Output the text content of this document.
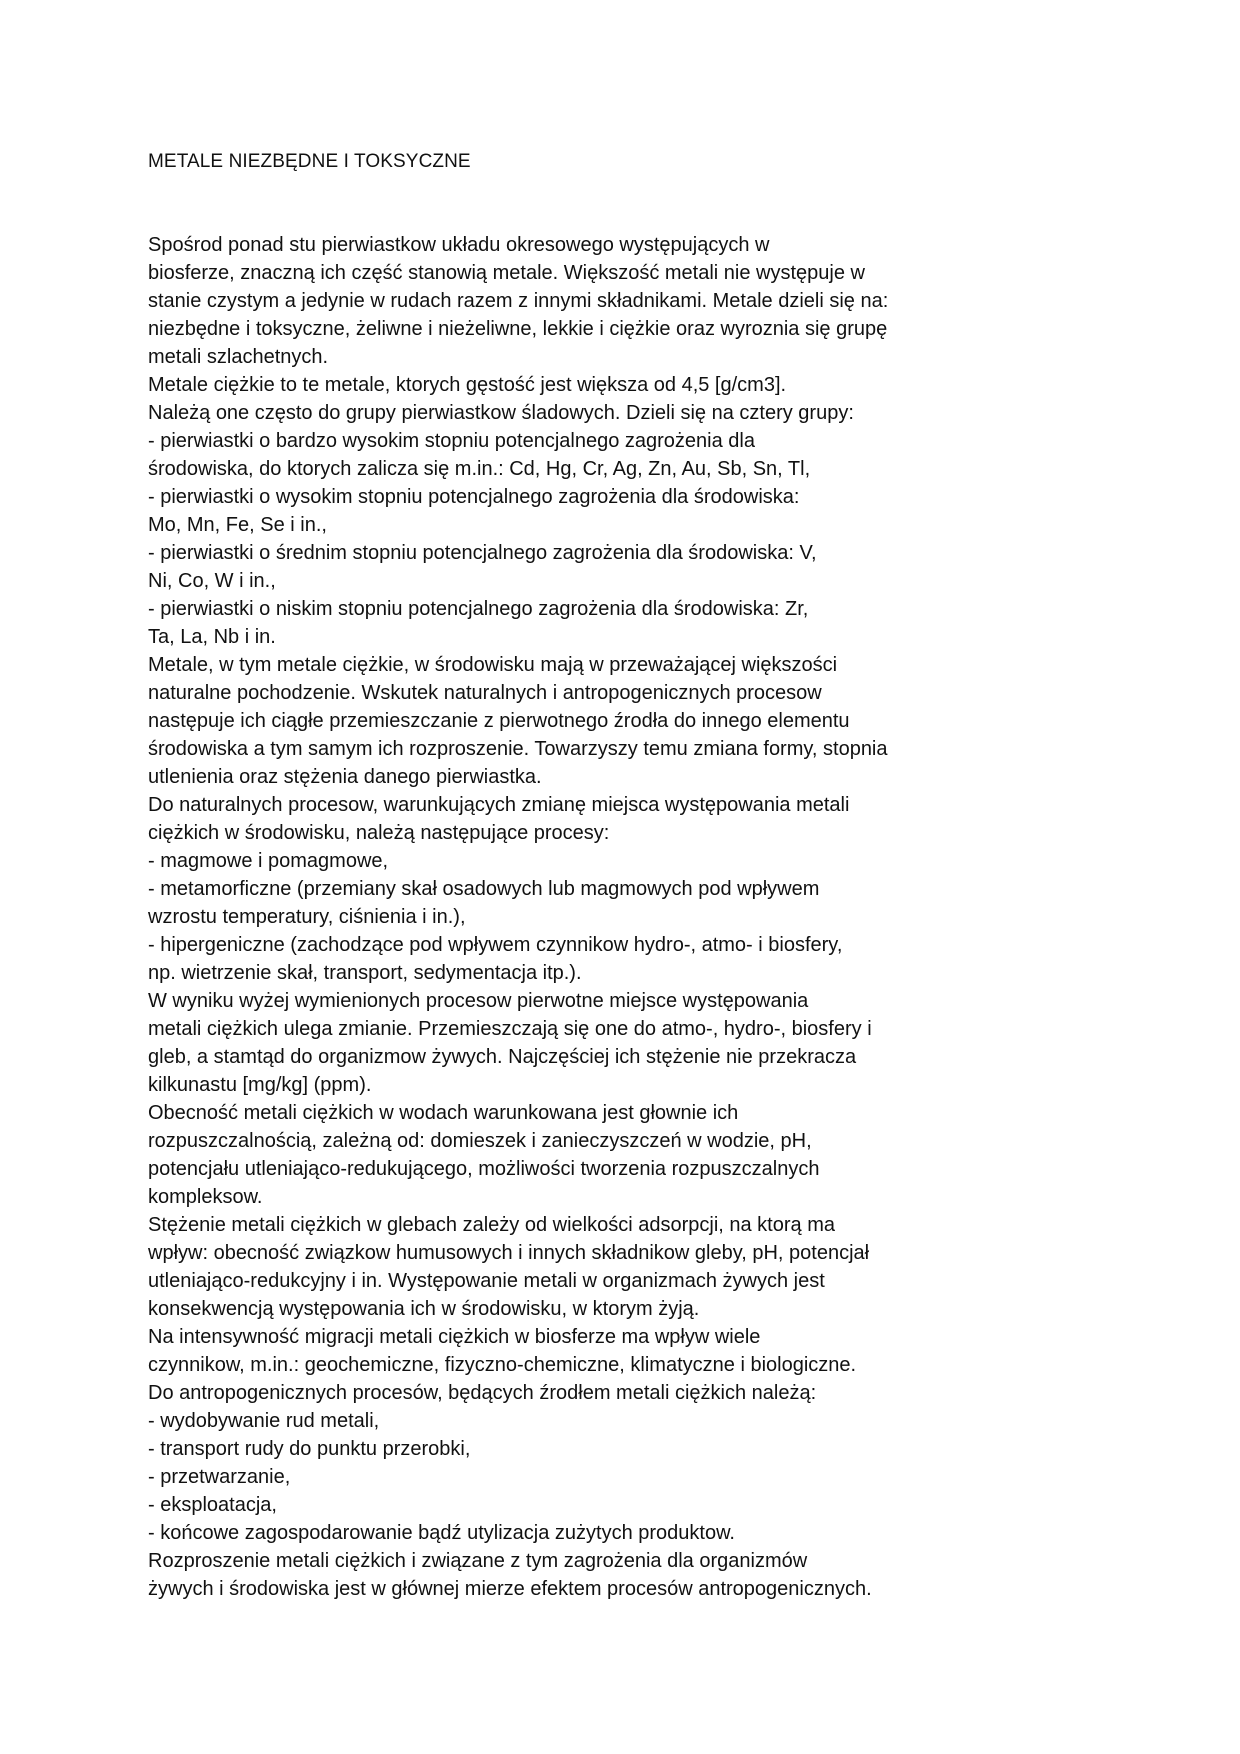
METALE NIEZBĘDNE I TOKSYCZNE
Spośrod ponad stu pierwiastkow układu okresowego występujących w
biosferze, znaczną ich część stanowią metale. Większość metali nie występuje w
stanie czystym a jedynie w rudach razem z innymi składnikami. Metale dzieli się na:
niezbędne i toksyczne, żeliwne i nieżeliwne, lekkie i ciężkie oraz wyroznia się grupę
metali szlachetnych.
Metale ciężkie to te metale, ktorych gęstość jest większa od 4,5 [g/cm3].
Należą one często do grupy pierwiastkow śladowych. Dzieli się na cztery grupy:
- pierwiastki o bardzo wysokim stopniu potencjalnego zagrożenia dla
środowiska, do ktorych zalicza się m.in.: Cd, Hg, Cr, Ag, Zn, Au, Sb, Sn, Tl,
- pierwiastki o wysokim stopniu potencjalnego zagrożenia dla środowiska:
Mo, Mn, Fe, Se i in.,
- pierwiastki o średnim stopniu potencjalnego zagrożenia dla środowiska: V,
Ni, Co, W i in.,
- pierwiastki o niskim stopniu potencjalnego zagrożenia dla środowiska: Zr,
Ta, La, Nb i in.
Metale, w tym metale ciężkie, w środowisku mają w przeważającej większości
naturalne pochodzenie. Wskutek naturalnych i antropogenicznych procesow
następuje ich ciągłe przemieszczanie z pierwotnego źrodła do innego elementu
środowiska a tym samym ich rozproszenie. Towarzyszy temu zmiana formy, stopnia
utlenienia oraz stężenia danego pierwiastka.
Do naturalnych procesow, warunkujących zmianę miejsca występowania metali
ciężkich w środowisku, należą następujące procesy:
- magmowe i pomagmowe,
- metamorficzne (przemiany skał osadowych lub magmowych pod wpływem
wzrostu temperatury, ciśnienia i in.),
- hipergeniczne (zachodzące pod wpływem czynnikow hydro-, atmo- i biosfery,
np. wietrzenie skał, transport, sedymentacja itp.).
W wyniku wyżej wymienionych procesow pierwotne miejsce występowania
metali ciężkich ulega zmianie. Przemieszczają się one do atmo-, hydro-, biosfery i
gleb, a stamtąd do organizmow żywych. Najczęściej ich stężenie nie przekracza
kilkunastu [mg/kg] (ppm).
Obecność metali ciężkich w wodach warunkowana jest głownie ich
rozpuszczalnością, zależną od: domieszek i zanieczyszczeń w wodzie, pH,
potencjału utleniająco-redukującego, możliwości tworzenia rozpuszczalnych
kompleksow.
Stężenie metali ciężkich w glebach zależy od wielkości adsorpcji, na ktorą ma
wpływ: obecność związkow humusowych i innych składnikow gleby, pH, potencjał
utleniająco-redukcyjny i in. Występowanie metali w organizmach żywych jest
konsekwencją występowania ich w środowisku, w ktorym żyją.
Na intensywność migracji metali ciężkich w biosferze ma wpływ wiele
czynnikow, m.in.: geochemiczne, fizyczno-chemiczne, klimatyczne i biologiczne.
Do antropogenicznych procesów, będących źrodłem metali ciężkich należą:
- wydobywanie rud metali,
- transport rudy do punktu przerobki,
- przetwarzanie,
- eksploatacja,
- końcowe zagospodarowanie bądź utylizacja zużytych produktow.
Rozproszenie metali ciężkich i związane z tym zagrożenia dla organizmów
żywych i środowiska jest w głównej mierze efektem procesów antropogenicznych.
